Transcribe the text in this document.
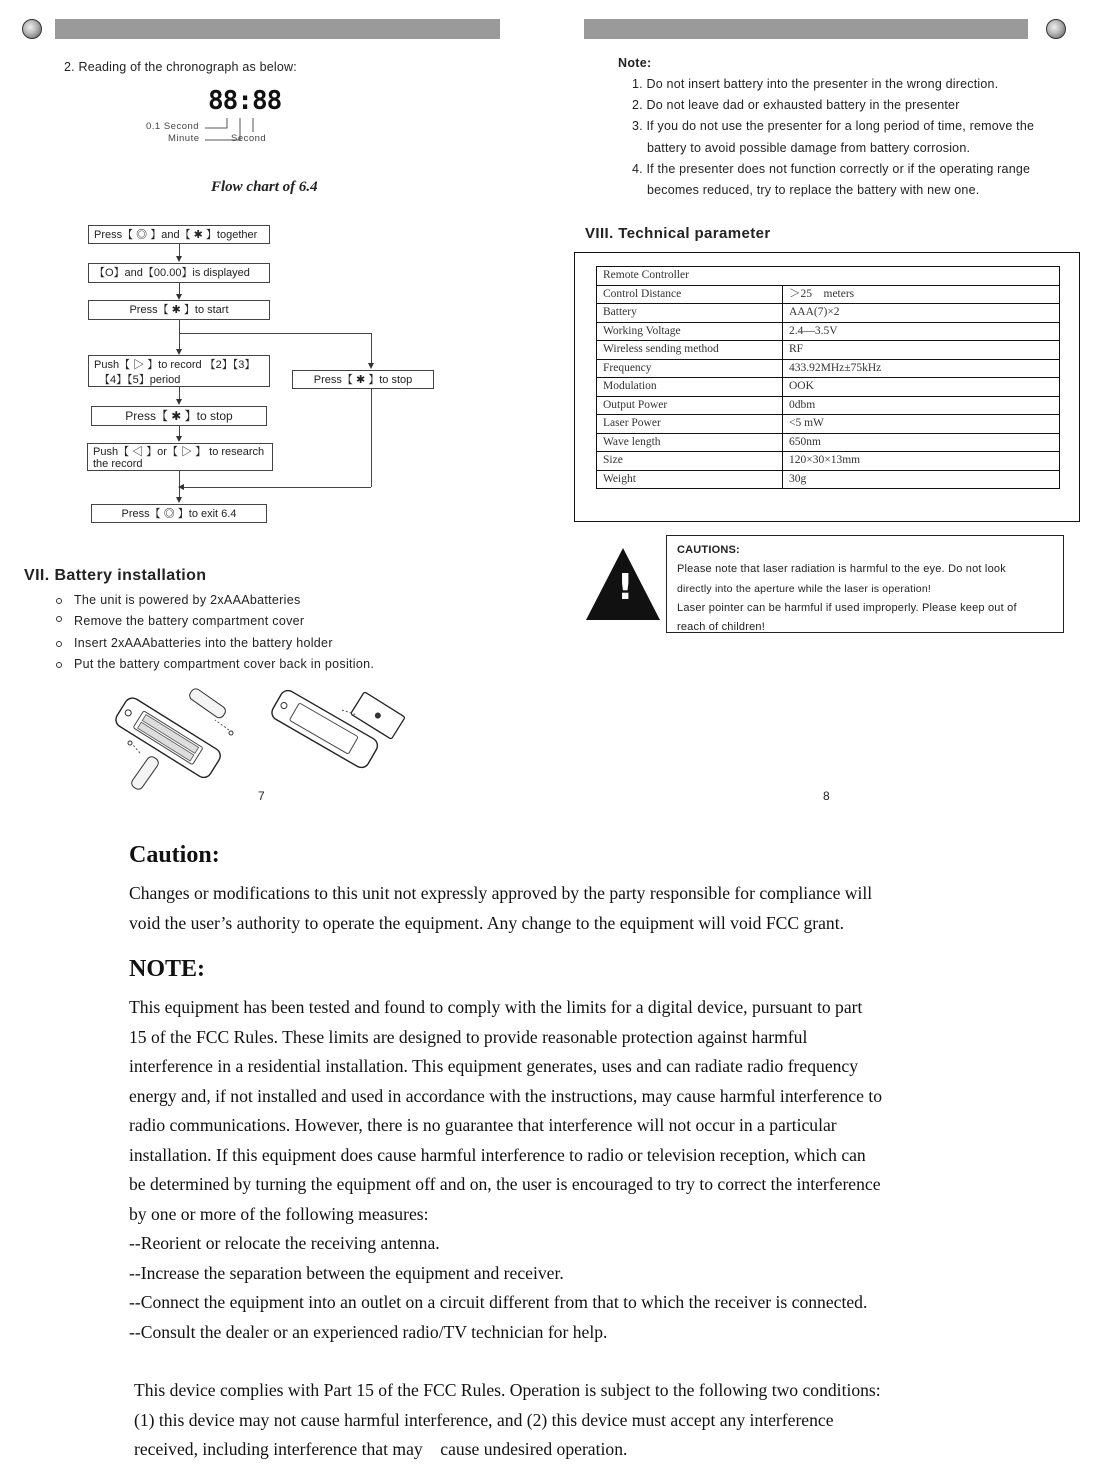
2. Reading of the chronograph as below:
88:88
0.1 Second
Minute	Second
Flow chart of 6.4
Press【 ◎ 】and【 ✱ 】together
【O】and【00.00】is displayed
Press【 ✱ 】to start
Push【 ▷ 】to record 【2】【3】
【4】【5】period	Press【 ✱ 】to stop
Press【 ✱ 】to stop
Push【 ◁ 】or【 ▷ 】 to research
the record
Press【 ◎ 】to exit 6.4
VII. Battery installation
The unit is powered by 2xAAAbatteries
Remove the battery compartment cover
Insert 2xAAAbatteries into the battery holder
Put the battery compartment cover back in position.
7
Note:
1. Do not insert battery into the presenter in the wrong direction.
2. Do not leave dad or exhausted battery in the presenter
3. If you do not use the presenter for a long period of time, remove the
battery to avoid possible damage from battery corrosion.
4. If the presenter does not function correctly or if the operating range
becomes reduced, try to replace the battery with new one.
VIII. Technical parameter
Remote Controller	
Control Distance	＞25　meters
Battery	AAA(7)×2
Working Voltage	2.4—3.5V
Wireless sending method	RF
Frequency	433.92MHz±75kHz
Modulation	OOK
Output Power	0dbm
Laser Power	<5 mW
Wave length	650nm
Size	120×30×13mm
Weight	30g
!
CAUTIONS:
Please note that laser radiation is harmful to the eye. Do not look
directly into the aperture while the laser is operation!
Laser pointer can be harmful if used improperly. Please keep out of
reach of children!
8
Caution:
Changes or modifications to this unit not expressly approved by the party responsible for compliance will
void the user’s authority to operate the equipment. Any change to the equipment will void FCC grant.
NOTE:
This equipment has been tested and found to comply with the limits for a digital device, pursuant to part
15 of the FCC Rules. These limits are designed to provide reasonable protection against harmful
interference in a residential installation. This equipment generates, uses and can radiate radio frequency
energy and, if not installed and used in accordance with the instructions, may cause harmful interference to
radio communications. However, there is no guarantee that interference will not occur in a particular
installation. If this equipment does cause harmful interference to radio or television reception, which can
be determined by turning the equipment off and on, the user is encouraged to try to correct the interference
by one or more of the following measures:
--Reorient or relocate the receiving antenna.
--Increase the separation between the equipment and receiver.
--Connect the equipment into an outlet on a circuit different from that to which the receiver is connected.
--Consult the dealer or an experienced radio/TV technician for help.
This device complies with Part 15 of the FCC Rules. Operation is subject to the following two conditions:
(1) this device may not cause harmful interference, and (2) this device must accept any interference
received, including interference that may　cause undesired operation.
